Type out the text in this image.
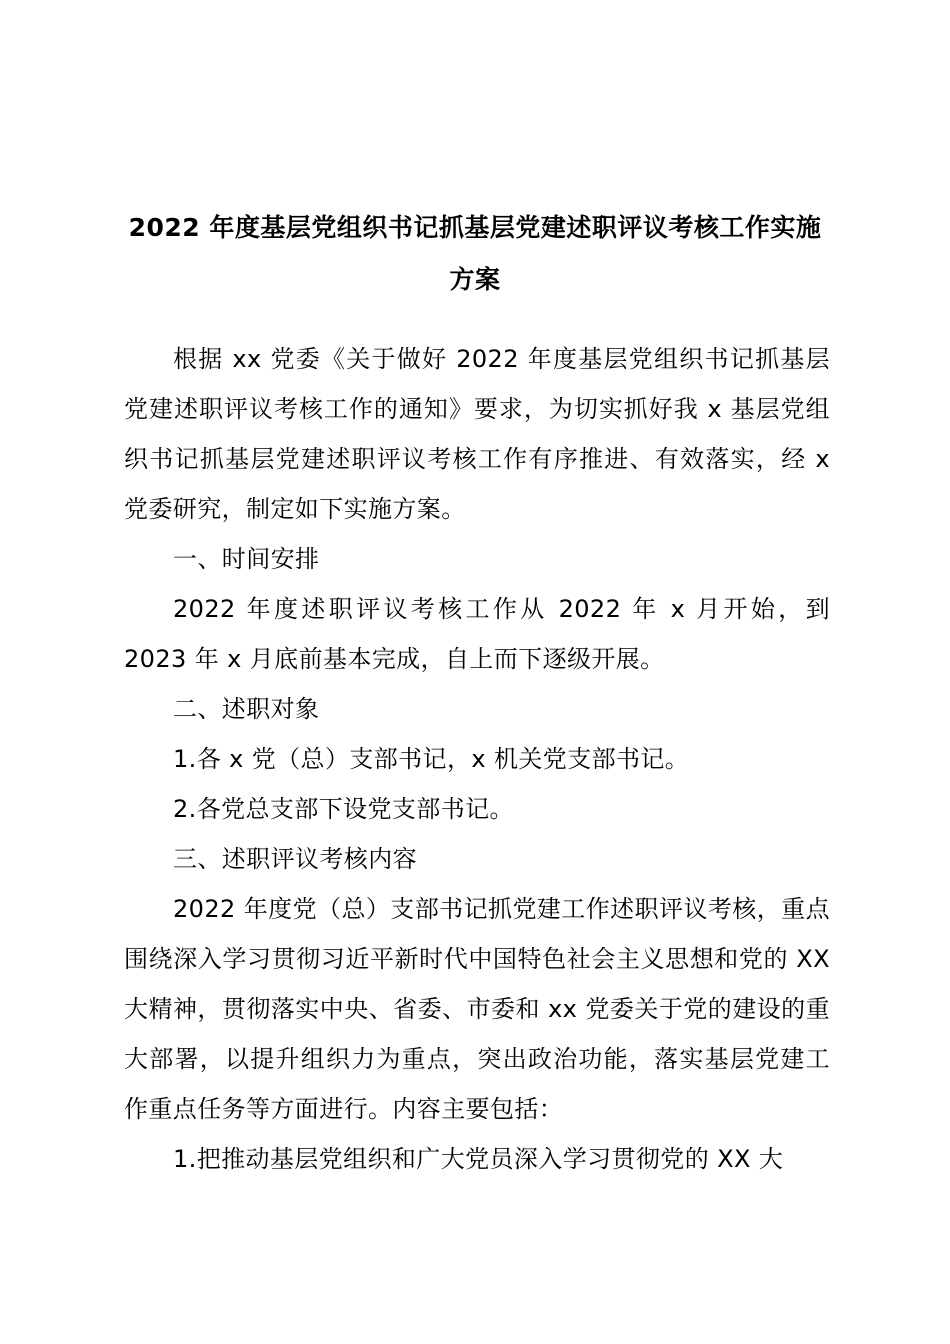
2022 年度基层党组织书记抓基层党建述职评议考核工作实施
方案

根据 xx 党委《关于做好 2022 年度基层党组织书记抓基层党建述职评议考核工作的通知》要求，为切实抓好我 x 基层党组织书记抓基层党建述职评议考核工作有序推进、有效落实，经 x 党委研究，制定如下实施方案。

一、时间安排

2022 年度述职评议考核工作从 2022 年 x 月开始，到 2023 年 x 月底前基本完成，自上而下逐级开展。

二、述职对象

1.各 x 党（总）支部书记，x 机关党支部书记。

2.各党总支部下设党支部书记。

三、述职评议考核内容

2022 年度党（总）支部书记抓党建工作述职评议考核，重点围绕深入学习贯彻习近平新时代中国特色社会主义思想和党的 XX 大精神，贯彻落实中央、省委、市委和 xx 党委关于党的建设的重大部署，以提升组织力为重点，突出政治功能，落实基层党建工作重点任务等方面进行。内容主要包括：

1.把推动基层党组织和广大党员深入学习贯彻党的 XX 大
